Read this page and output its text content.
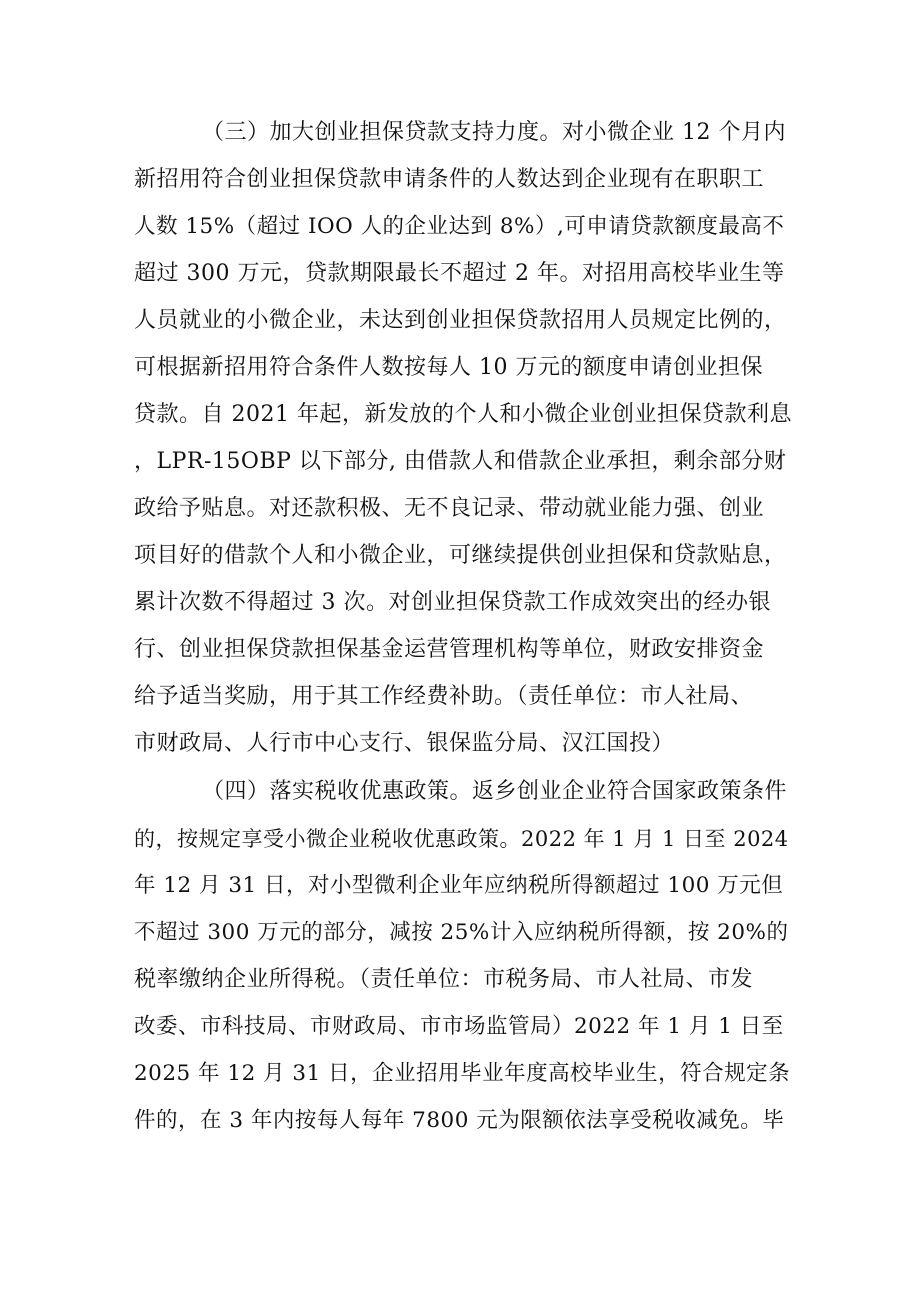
（三）加大创业担保贷款支持力度。对小微企业 12 个月内
新招用符合创业担保贷款申请条件的人数达到企业现有在职职工
人数 15%（超过 IOO 人的企业达到 8%）,可申请贷款额度最高不
超过 300 万元，贷款期限最长不超过 2 年。对招用高校毕业生等
人员就业的小微企业，未达到创业担保贷款招用人员规定比例的，
可根据新招用符合条件人数按每人 10 万元的额度申请创业担保
贷款。自 2021 年起，新发放的个人和小微企业创业担保贷款利息
，LPR-15OBP 以下部分, 由借款人和借款企业承担，剩余部分财
政给予贴息。对还款积极、无不良记录、带动就业能力强、创业
项目好的借款个人和小微企业，可继续提供创业担保和贷款贴息，
累计次数不得超过 3 次。对创业担保贷款工作成效突出的经办银
行、创业担保贷款担保基金运营管理机构等单位，财政安排资金
给予适当奖励，用于其工作经费补助。（责任单位：市人社局、
市财政局、人行市中心支行、银保监分局、汉江国投）
（四）落实税收优惠政策。返乡创业企业符合国家政策条件
的，按规定享受小微企业税收优惠政策。2022 年 1 月 1 日至 2024
年 12 月 31 日，对小型微利企业年应纳税所得额超过 100 万元但
不超过 300 万元的部分，减按 25%计入应纳税所得额，按 20%的
税率缴纳企业所得税。（责任单位：市税务局、市人社局、市发
改委、市科技局、市财政局、市市场监管局）2022 年 1 月 1 日至
2025 年 12 月 31 日，企业招用毕业年度高校毕业生，符合规定条
件的，在 3 年内按每人每年 7800 元为限额依法享受税收减免。毕
